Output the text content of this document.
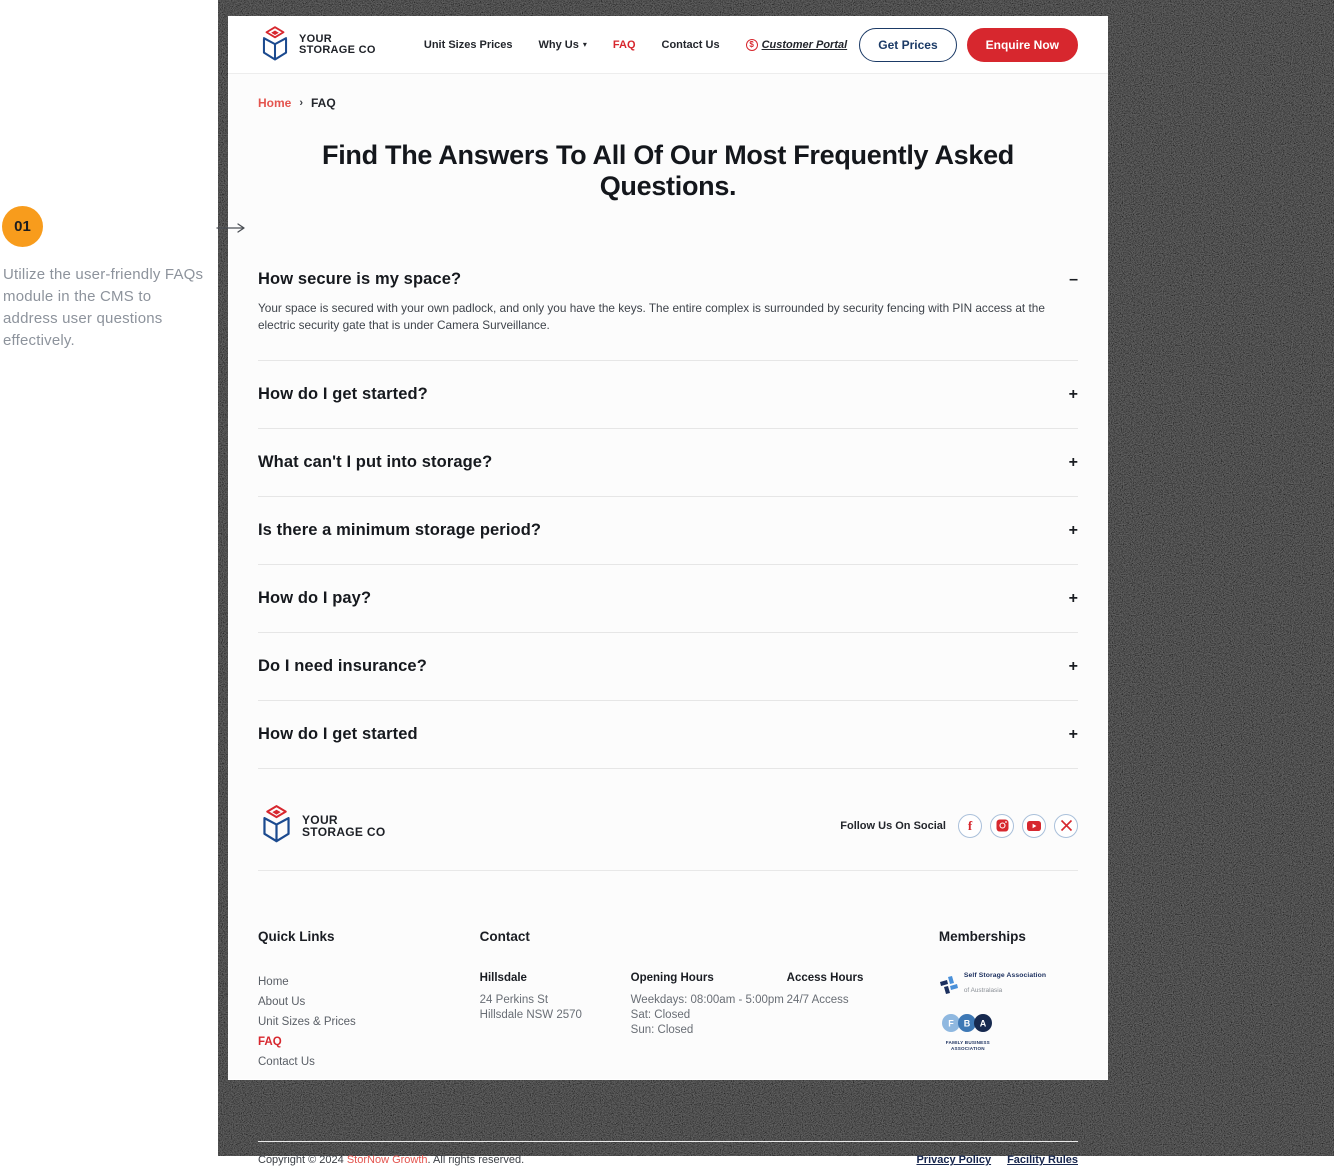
01
Utilize the user-friendly FAQs module in the CMS to address user questions effectively.
YOUR
STORAGE CO	Unit Sizes Prices Why Us ▾ FAQ Contact Us	$ Customer Portal	Get Prices	Enquire Now
Home › FAQ
Find The Answers To All Of Our Most Frequently Asked Questions.
How secure is my space?	–

Your space is secured with your own padlock, and only you have the keys. The entire complex is surrounded by security fencing with PIN access at the electric security gate that is under Camera Surveillance.

How do I get started?	+
What can't I put into storage?	+
Is there a minimum storage period?	+
How do I pay?	+
Do I need insurance?	+
How do I get started	+
YOUR
STORAGE CO	Follow Us On Social f
Quick Links
Home
About Us
Unit Sizes & Prices
FAQ
Contact Us
Contact
Hillsdale
24 Perkins St
Hillsdale NSW 2570
Opening Hours
Weekdays: 08:00am - 5:00pm
Sat: Closed
Sun: Closed
Access Hours
24/7 Access
Memberships
Self Storage Association
of Australasia
F B A
FAMILY BUSINESS ASSOCIATION
Copyright © 2024 StorNow Growth. All rights reserved.	Privacy Policy Facility Rules
